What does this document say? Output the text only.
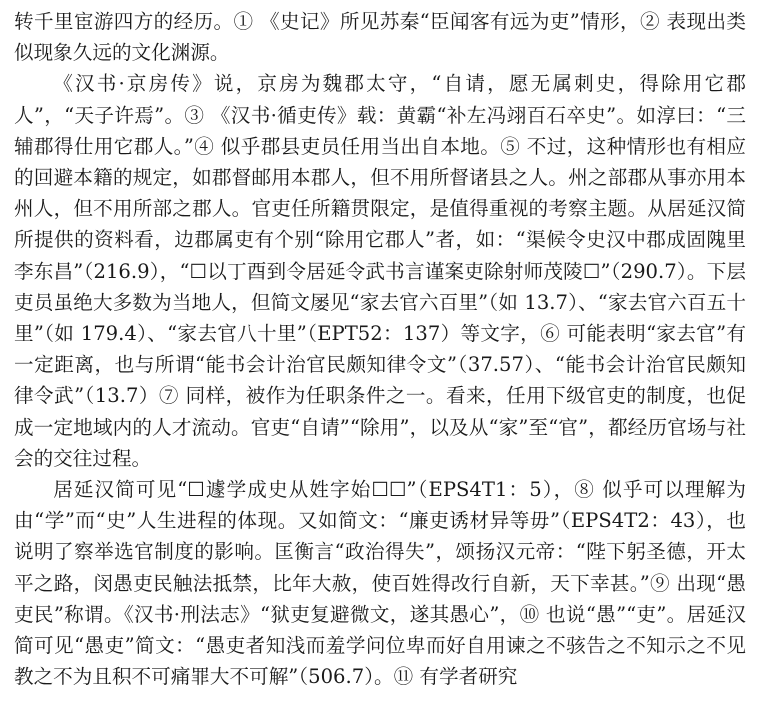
转千里宦游四方的经历。① 《史记》所见苏秦“臣闻客有远为吏”情形，② 表现出类似现象久远的文化渊源。

《汉书·京房传》说，京房为魏郡太守，“自请，愿无属刺史，得除用它郡人”，“天子许焉”。③ 《汉书·循吏传》载：黄霸“补左冯翊百石卒史”。如淳曰：“三辅郡得仕用它郡人。”④ 似乎郡县吏员任用当出自本地。⑤ 不过，这种情形也有相应的回避本籍的规定，如郡督邮用本郡人，但不用所督诸县之人。州之部郡从事亦用本州人，但不用所部之郡人。官吏任所籍贯限定，是值得重视的考察主题。从居延汉简所提供的资料看，边郡属吏有个别“除用它郡人”者，如：“渠候令史汉中郡成固隗里李东昌”（216.9），“☐以丁酉到令居延令武书言谨案吏除射师茂陵☐”（290.7）。下层吏员虽绝大多数为当地人，但简文屡见“家去官六百里”（如 13.7）、“家去官六百五十里”（如 179.4）、“家去官八十里”（EPT52：137）等文字，⑥ 可能表明“家去官”有一定距离，也与所谓“能书会计治官民颇知律令文”（37.57）、“能书会计治官民颇知律令武”（13.7）⑦ 同样，被作为任职条件之一。看来，任用下级官吏的制度，也促成一定地域内的人才流动。官吏“自请”“除用”，以及从“家”至“官”，都经历官场与社会的交往过程。

居延汉简可见“☐遽学成史从姓字始☐☐”（EPS4T1：5），⑧ 似乎可以理解为由“学”而“史”人生进程的体现。又如简文：“廉吏诱材异等毋”（EPS4T2：43），也说明了察举选官制度的影响。匡衡言“政治得失”，颂扬汉元帝：“陛下躬圣德，开太平之路，闵愚吏民触法抵禁，比年大赦，使百姓得改行自新，天下幸甚。”⑨ 出现“愚吏民”称谓。《汉书·刑法志》“狱吏复避微文，遂其愚心”，⑩ 也说“愚”“吏”。居延汉简可见“愚吏”简文：“愚吏者知浅而羞学问位卑而好自用谏之不骇告之不知示之不见教之不为且积不可痛罪大不可解”（506.7）。⑪ 有学者研究
